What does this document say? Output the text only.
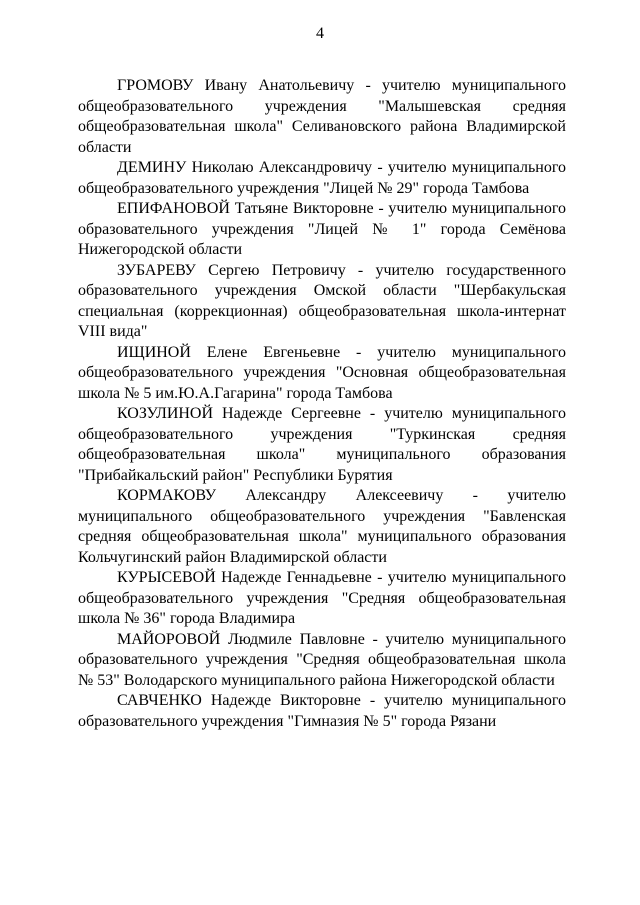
4

ГРОМОВУ Ивану Анатольевичу - учителю муниципального общеобразовательного учреждения "Малышевская средняя общеобразовательная школа" Селивановского района Владимирской области

ДЕМИНУ Николаю Александровичу - учителю муниципального общеобразовательного учреждения "Лицей № 29" города Тамбова

ЕПИФАНОВОЙ Татьяне Викторовне - учителю муниципального образовательного учреждения "Лицей № 1" города Семёнова Нижегородской области

ЗУБАРЕВУ Сергею Петровичу - учителю государственного образовательного учреждения Омской области "Шербакульская специальная (коррекционная) общеобразовательная школа-интернат VIII вида"

ИЩИНОЙ Елене Евгеньевне - учителю муниципального общеобразовательного учреждения "Основная общеобразовательная школа № 5 им.Ю.А.Гагарина" города Тамбова

КОЗУЛИНОЙ Надежде Сергеевне - учителю муниципального общеобразовательного учреждения "Туркинская средняя общеобразовательная школа" муниципального образования "Прибайкальский район" Республики Бурятия

КОРМАКОВУ Александру Алексеевичу - учителю муниципального общеобразовательного учреждения "Бавленская средняя общеобразовательная школа" муниципального образования Кольчугинский район Владимирской области

КУРЫСЕВОЙ Надежде Геннадьевне - учителю муниципального общеобразовательного учреждения "Средняя общеобразовательная школа № 36" города Владимира

МАЙОРОВОЙ Людмиле Павловне - учителю муниципального образовательного учреждения "Средняя общеобразовательная школа № 53" Володарского муниципального района Нижегородской области

САВЧЕНКО Надежде Викторовне - учителю муниципального образовательного учреждения "Гимназия № 5" города Рязани
